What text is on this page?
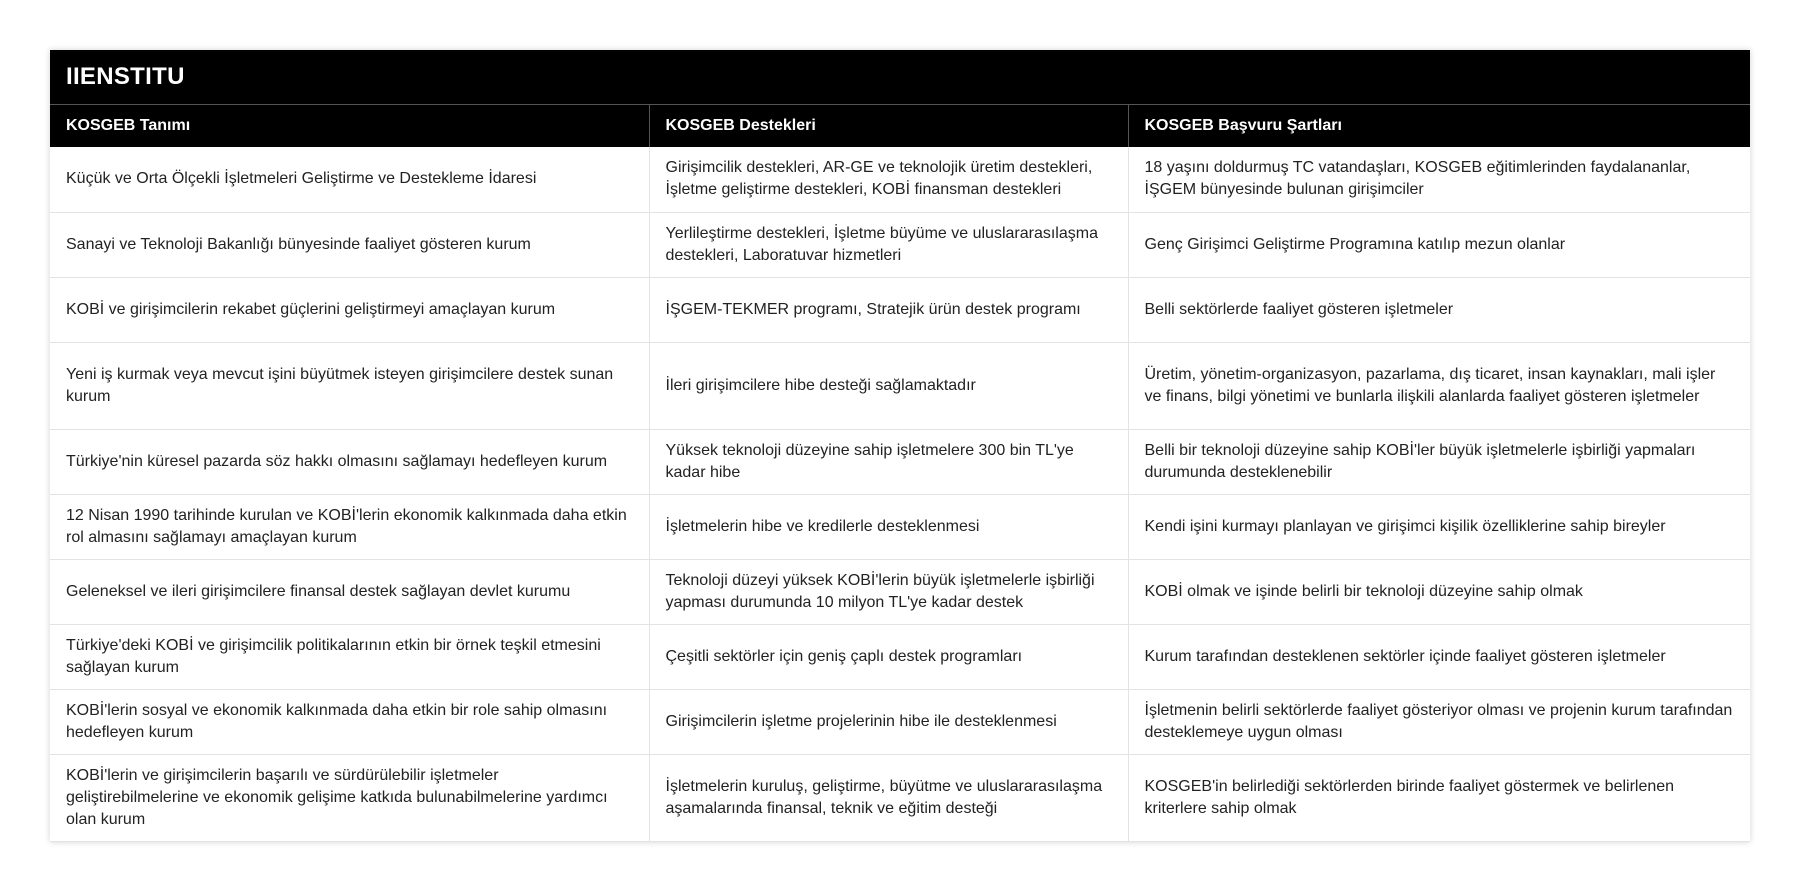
IIENSTITU
KOSGEB Tanımı	KOSGEB Destekleri	KOSGEB Başvuru Şartları
Küçük ve Orta Ölçekli İşletmeleri Geliştirme ve Destekleme İdaresi	Girişimcilik destekleri, AR-GE ve teknolojik üretim destekleri, İşletme geliştirme destekleri, KOBİ finansman destekleri	18 yaşını doldurmuş TC vatandaşları, KOSGEB eğitimlerinden faydalananlar, İŞGEM bünyesinde bulunan girişimciler
Sanayi ve Teknoloji Bakanlığı bünyesinde faaliyet gösteren kurum	Yerlileştirme destekleri, İşletme büyüme ve uluslararasılaşma destekleri, Laboratuvar hizmetleri	Genç Girişimci Geliştirme Programına katılıp mezun olanlar
KOBİ ve girişimcilerin rekabet güçlerini geliştirmeyi amaçlayan kurum	İŞGEM-TEKMER programı, Stratejik ürün destek programı	Belli sektörlerde faaliyet gösteren işletmeler
Yeni iş kurmak veya mevcut işini büyütmek isteyen girişimcilere destek sunan kurum	İleri girişimcilere hibe desteği sağlamaktadır	Üretim, yönetim-organizasyon, pazarlama, dış ticaret, insan kaynakları, mali işler ve finans, bilgi yönetimi ve bunlarla ilişkili alanlarda faaliyet gösteren işletmeler
Türkiye'nin küresel pazarda söz hakkı olmasını sağlamayı hedefleyen kurum	Yüksek teknoloji düzeyine sahip işletmelere 300 bin TL'ye kadar hibe	Belli bir teknoloji düzeyine sahip KOBİ'ler büyük işletmelerle işbirliği yapmaları durumunda desteklenebilir
12 Nisan 1990 tarihinde kurulan ve KOBİ'lerin ekonomik kalkınmada daha etkin rol almasını sağlamayı amaçlayan kurum	İşletmelerin hibe ve kredilerle desteklenmesi	Kendi işini kurmayı planlayan ve girişimci kişilik özelliklerine sahip bireyler
Geleneksel ve ileri girişimcilere finansal destek sağlayan devlet kurumu	Teknoloji düzeyi yüksek KOBİ'lerin büyük işletmelerle işbirliği yapması durumunda 10 milyon TL'ye kadar destek	KOBİ olmak ve işinde belirli bir teknoloji düzeyine sahip olmak
Türkiye'deki KOBİ ve girişimcilik politikalarının etkin bir örnek teşkil etmesini sağlayan kurum	Çeşitli sektörler için geniş çaplı destek programları	Kurum tarafından desteklenen sektörler içinde faaliyet gösteren işletmeler
KOBİ'lerin sosyal ve ekonomik kalkınmada daha etkin bir role sahip olmasını hedefleyen kurum	Girişimcilerin işletme projelerinin hibe ile desteklenmesi	İşletmenin belirli sektörlerde faaliyet gösteriyor olması ve projenin kurum tarafından desteklemeye uygun olması
KOBİ'lerin ve girişimcilerin başarılı ve sürdürülebilir işletmeler geliştirebilmelerine ve ekonomik gelişime katkıda bulunabilmelerine yardımcı olan kurum	İşletmelerin kuruluş, geliştirme, büyütme ve uluslararasılaşma aşamalarında finansal, teknik ve eğitim desteği	KOSGEB'in belirlediği sektörlerden birinde faaliyet göstermek ve belirlenen kriterlere sahip olmak
